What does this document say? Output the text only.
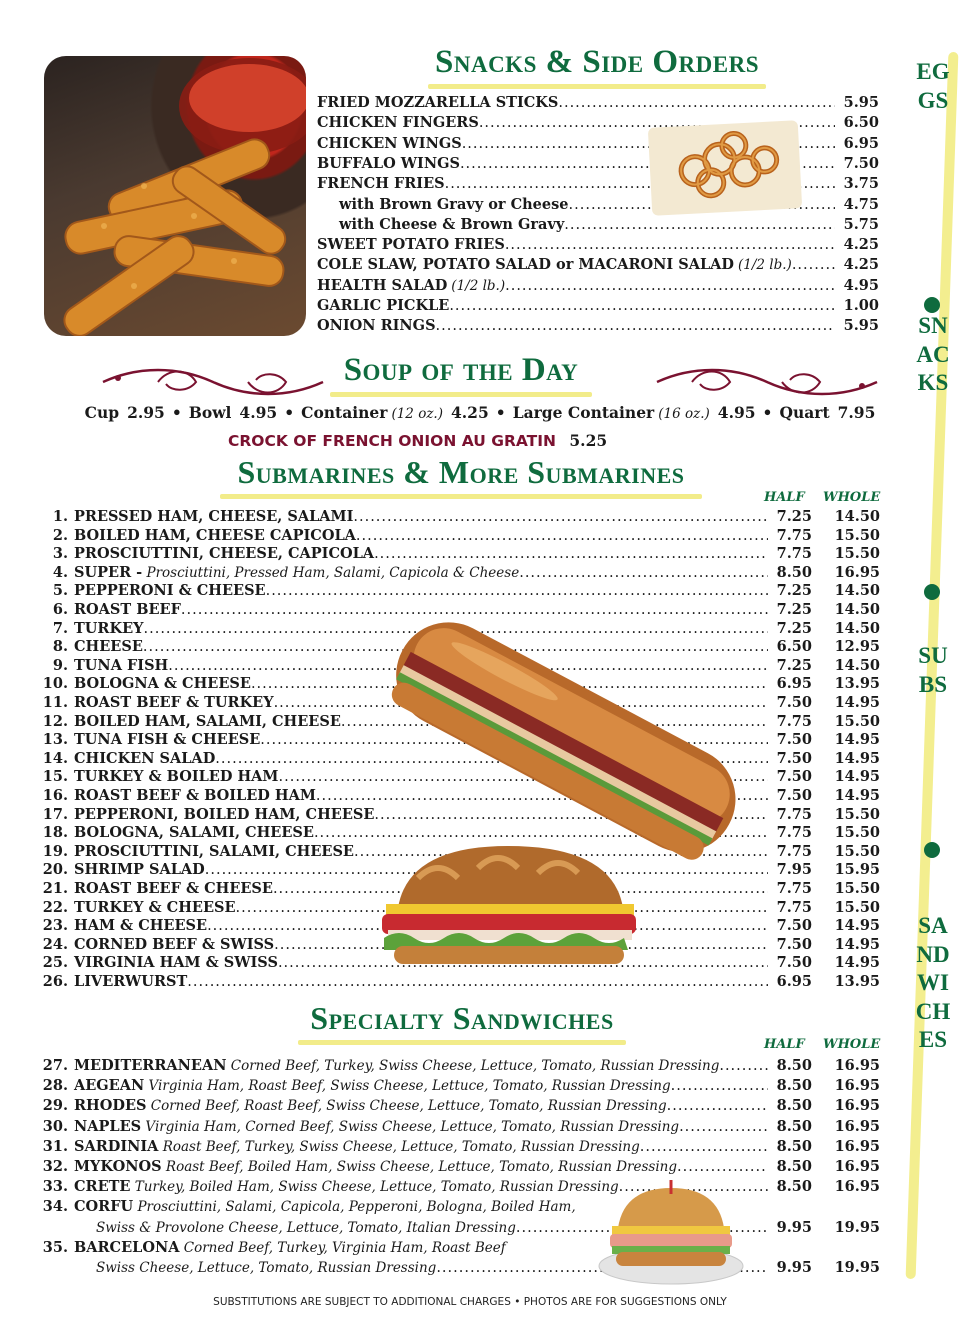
Snacks & Side Orders
FRIED MOZZARELLA STICKS .....	5.95
CHICKEN FINGERS .....	6.50
CHICKEN WINGS .....	6.95
BUFFALO WINGS .....	7.50
FRENCH FRIES .....	3.75
with Brown Gravy or Cheese .....	4.75
with Cheese & Brown Gravy .....	5.75
SWEET POTATO FRIES .....	4.25
COLE SLAW, POTATO SALAD or MACARONI SALAD (1/2 lb.) .....	4.25
HEALTH SALAD (1/2 lb.) .....	4.95
GARLIC PICKLE .....	1.00
ONION RINGS .....	5.95
Soup of the Day
Cup 2.95 • Bowl 4.95 • Container (12 oz.) 4.25 • Large Container (16 oz.) 4.95 • Quart 7.95
CROCK OF FRENCH ONION AU GRATIN 5.25
Submarines & More Submarines
HALF WHOLE
1. PRESSED HAM, CHEESE, SALAMI .....	7.25	14.50
2. BOILED HAM, CHEESE CAPICOLA .....	7.75	15.50
3. PROSCIUTTINI, CHEESE, CAPICOLA .....	7.75	15.50
4. SUPER - Prosciuttini, Pressed Ham, Salami, Capicola & Cheese .....	8.50	16.95
5. PEPPERONI & CHEESE .....	7.25	14.50
6. ROAST BEEF .....	7.25	14.50
7. TURKEY .....	7.25	14.50
8. CHEESE .....	6.50	12.95
9. TUNA FISH .....	7.25	14.50
10. BOLOGNA & CHEESE .....	6.95	13.95
11. ROAST BEEF & TURKEY .....	7.50	14.95
12. BOILED HAM, SALAMI, CHEESE .....	7.75	15.50
13. TUNA FISH & CHEESE .....	7.50	14.95
14. CHICKEN SALAD .....	7.50	14.95
15. TURKEY & BOILED HAM .....	7.50	14.95
16. ROAST BEEF & BOILED HAM .....	7.50	14.95
17. PEPPERONI, BOILED HAM, CHEESE .....	7.75	15.50
18. BOLOGNA, SALAMI, CHEESE .....	7.75	15.50
19. PROSCIUTTINI, SALAMI, CHEESE .....	7.75	15.50
20. SHRIMP SALAD .....	7.95	15.95
21. ROAST BEEF & CHEESE .....	7.75	15.50
22. TURKEY & CHEESE .....	7.75	15.50
23. HAM & CHEESE .....	7.50	14.95
24. CORNED BEEF & SWISS .....	7.50	14.95
25. VIRGINIA HAM & SWISS .....	7.50	14.95
26. LIVERWURST .....	6.95	13.95
Specialty Sandwiches
HALF WHOLE
27. MEDITERRANEAN Corned Beef, Turkey, Swiss Cheese, Lettuce, Tomato, Russian Dressing .....	8.50	16.95
28. AEGEAN Virginia Ham, Roast Beef, Swiss Cheese, Lettuce, Tomato, Russian Dressing .....	8.50	16.95
29. RHODES Corned Beef, Roast Beef, Swiss Cheese, Lettuce, Tomato, Russian Dressing .....	8.50	16.95
30. NAPLES Virginia Ham, Corned Beef, Swiss Cheese, Lettuce, Tomato, Russian Dressing .....	8.50	16.95
31. SARDINIA Roast Beef, Turkey, Swiss Cheese, Lettuce, Tomato, Russian Dressing .....	8.50	16.95
32. MYKONOS Roast Beef, Boiled Ham, Swiss Cheese, Lettuce, Tomato, Russian Dressing .....	8.50	16.95
33. CRETE Turkey, Boiled Ham, Swiss Cheese, Lettuce, Tomato, Russian Dressing .....	8.50	16.95
34. CORFU Prosciuttini, Salami, Capicola, Pepperoni, Bologna, Boiled Ham,
Swiss & Provolone Cheese, Lettuce, Tomato, Italian Dressing .....	9.95	19.95
35. BARCELONA Corned Beef, Turkey, Virginia Ham, Roast Beef
Swiss Cheese, Lettuce, Tomato, Russian Dressing .....	9.95	19.95
SUBSTITUTIONS ARE SUBJECT TO ADDITIONAL CHARGES • PHOTOS ARE FOR SUGGESTIONS ONLY
EGGS
SNACKS
SUBS
SANDWICHES
